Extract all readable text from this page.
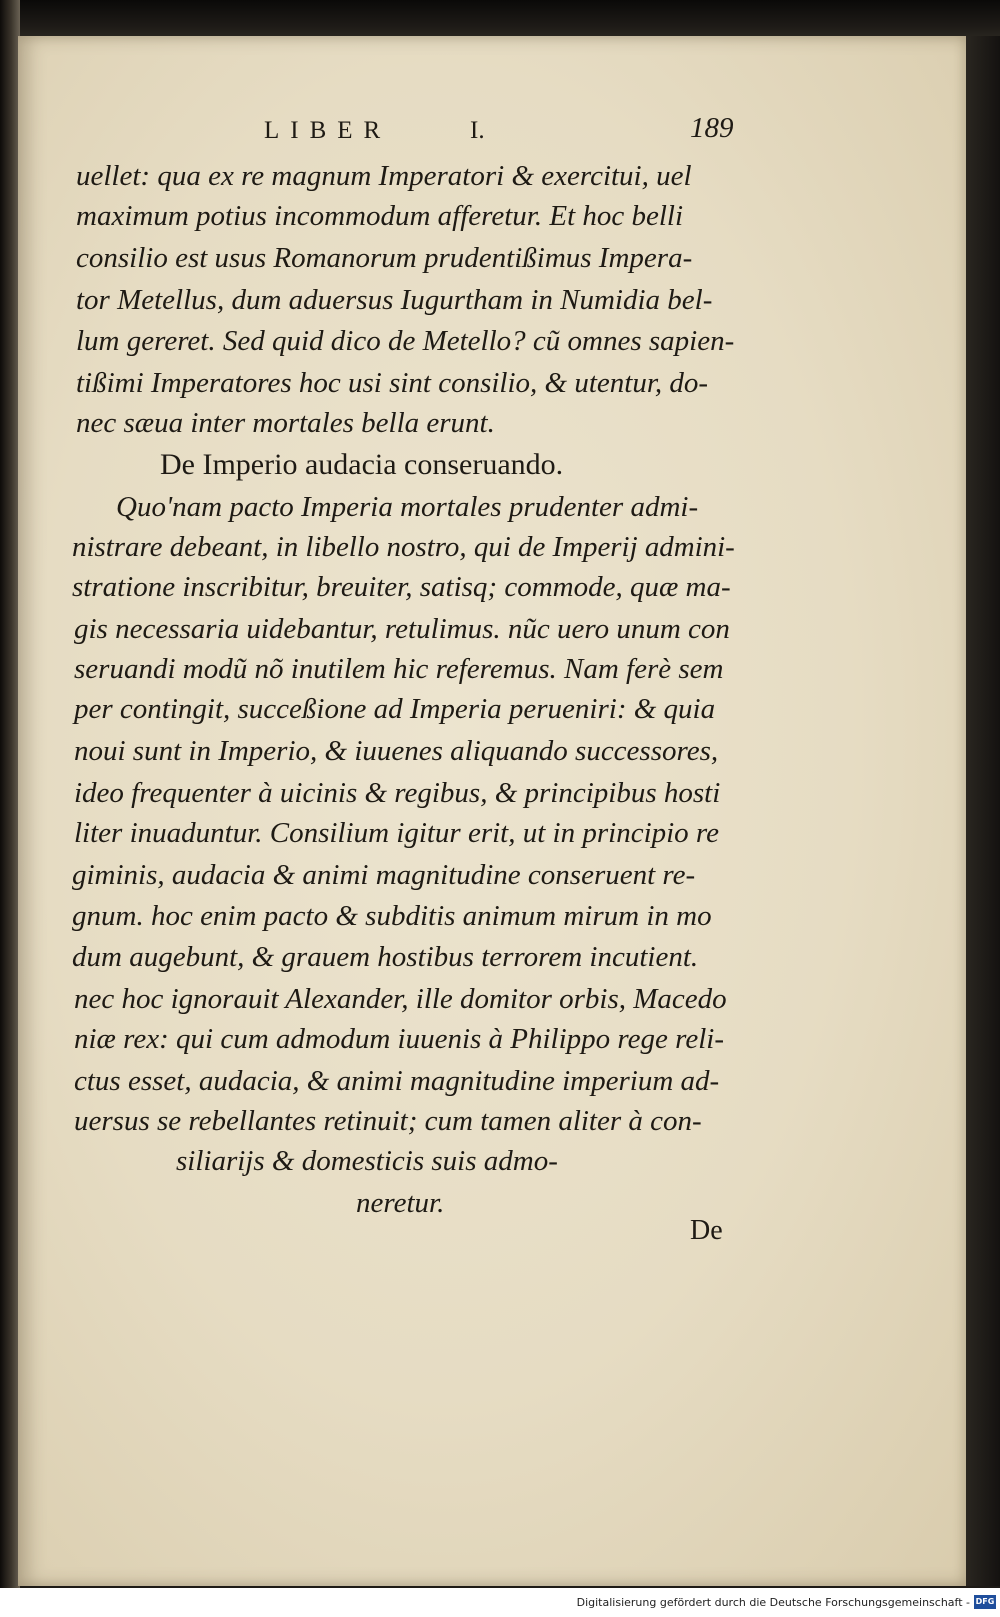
LIBER	I.	189
uellet: qua ex re magnum Imperatori & exercitui, uel
maximum potius incommodum afferetur. Et hoc belli
consilio est usus Romanorum prudentißimus Impera-
tor Metellus, dum aduersus Iugurtham in Numidia bel-
lum gereret. Sed quid dico de Metello? cũ omnes sapien-
tißimi Imperatores hoc usi sint consilio, & utentur, do-
nec sæua inter mortales bella erunt.
De Imperio audacia conseruando.
Quo'nam pacto Imperia mortales prudenter admi-
nistrare debeant, in libello nostro, qui de Imperij admini-
stratione inscribitur, breuiter, satisq; commode, quæ ma-
gis necessaria uidebantur, retulimus. nũc uero unum con
seruandi modũ nõ inutilem hic referemus. Nam ferè sem
per contingit, succeßione ad Imperia perueniri: & quia
noui sunt in Imperio, & iuuenes aliquando successores,
ideo frequenter à uicinis & regibus, & principibus hosti
liter inuaduntur. Consilium igitur erit, ut in principio re
giminis, audacia & animi magnitudine conseruent re-
gnum. hoc enim pacto & subditis animum mirum in mo
dum augebunt, & grauem hostibus terrorem incutient.
nec hoc ignorauit Alexander, ille domitor orbis, Macedo
niæ rex: qui cum admodum iuuenis à Philippo rege reli-
ctus esset, audacia, & animi magnitudine imperium ad-
uersus se rebellantes retinuit; cum tamen aliter à con-
siliarijs & domesticis suis admo-
neretur.
De
Digitalisierung gefördert durch die Deutsche Forschungsgemeinschaft - DFG
